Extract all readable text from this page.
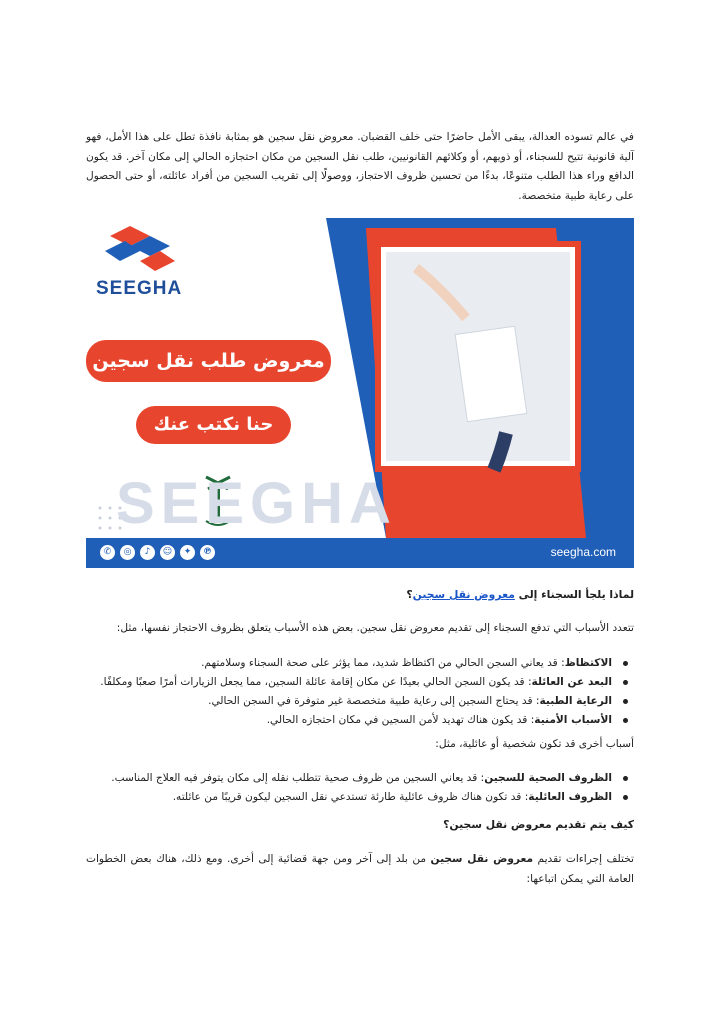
في عالم تسوده العدالة، يبقى الأمل حاضرًا حتى خلف القضبان. معروض نقل سجين هو بمثابة نافذة تطل على هذا الأمل، فهو آلية قانونية تتيح للسجناء، أو ذويهم، أو وكلائهم القانونيين، طلب نقل السجين من مكان احتجازه الحالي إلى مكان آخر. قد يكون الدافع وراء هذا الطلب متنوعًا، بدءًا من تحسين ظروف الاحتجاز، ووصولًا إلى تقريب السجين من أفراد عائلته، أو حتى الحصول على رعاية طبية متخصصة.

SEEGHA
SEEGHA
معروض طلب نقل سجين
حنا نكتب عنك
✆	◎	♪	☺	✦	℗	seegha.com

لماذا يلجأ السجناء إلى معروض نقل سجين؟

تتعدد الأسباب التي تدفع السجناء إلى تقديم معروض نقل سجين. بعض هذه الأسباب يتعلق بظروف الاحتجاز نفسها، مثل:

الاكتظاظ: قد يعاني السجن الحالي من اكتظاظ شديد، مما يؤثر على صحة السجناء وسلامتهم.
البعد عن العائلة: قد يكون السجن الحالي بعيدًا عن مكان إقامة عائلة السجين، مما يجعل الزيارات أمرًا صعبًا ومكلفًا.
الرعاية الطبية: قد يحتاج السجين إلى رعاية طبية متخصصة غير متوفرة في السجن الحالي.
الأسباب الأمنية: قد يكون هناك تهديد لأمن السجين في مكان احتجازه الحالي.

أسباب أخرى قد تكون شخصية أو عائلية، مثل:

الظروف الصحية للسجين: قد يعاني السجين من ظروف صحية تتطلب نقله إلى مكان يتوفر فيه العلاج المناسب.
الظروف العائلية: قد تكون هناك ظروف عائلية طارئة تستدعي نقل السجين ليكون قريبًا من عائلته.

كيف يتم تقديم معروض نقل سجين؟

تختلف إجراءات تقديم معروض نقل سجين من بلد إلى آخر ومن جهة قضائية إلى أخرى. ومع ذلك، هناك بعض الخطوات العامة التي يمكن اتباعها:
